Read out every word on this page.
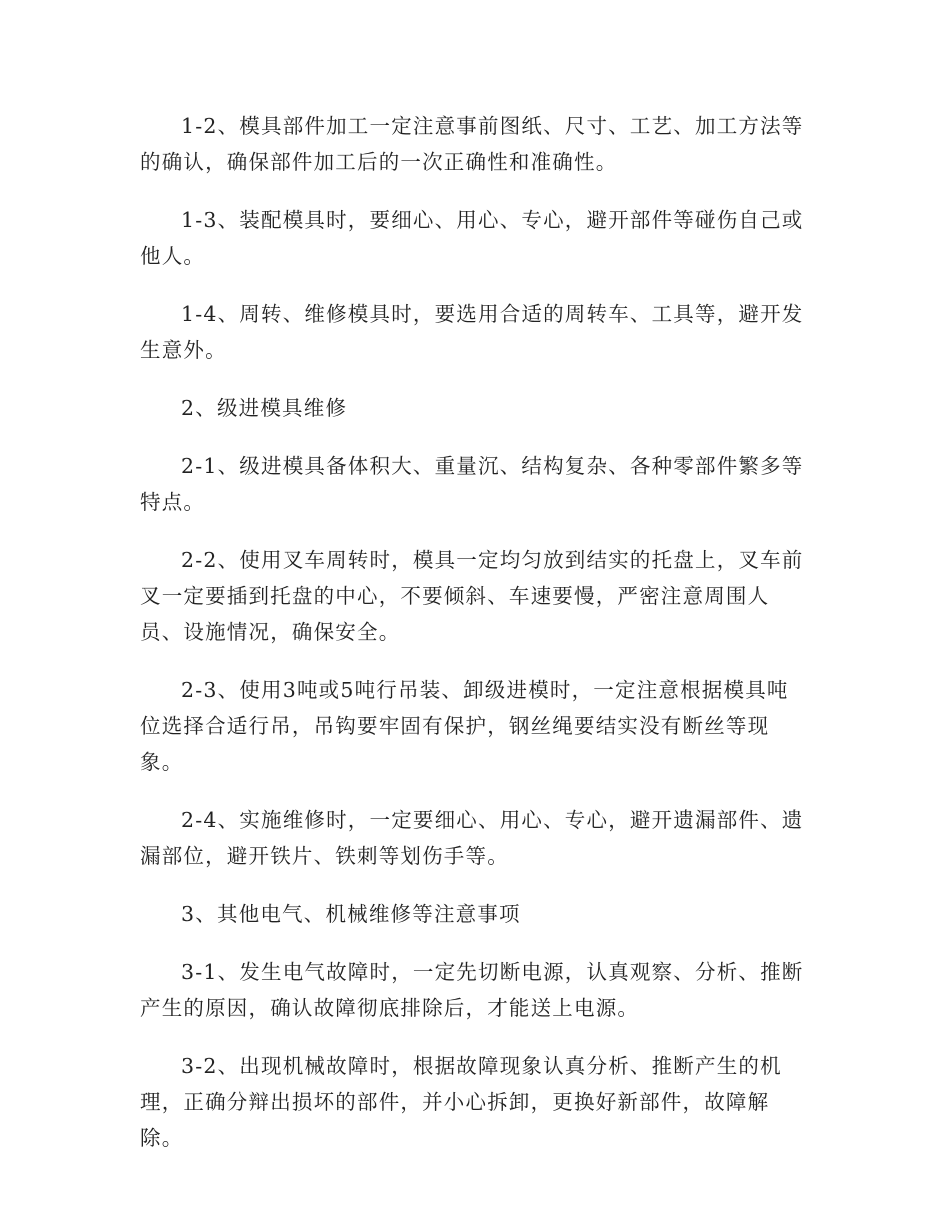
1-2、模具部件加工一定注意事前图纸、尺寸、工艺、加工方法等
的确认，确保部件加工后的一次正确性和准确性。

1-3、装配模具时，要细心、用心、专心，避开部件等碰伤自己或
他人。

1-4、周转、维修模具时，要选用合适的周转车、工具等，避开发
生意外。

2、级进模具维修

2-1、级进模具备体积大、重量沉、结构复杂、各种零部件繁多等
特点。

2-2、使用叉车周转时，模具一定均匀放到结实的托盘上，叉车前
叉一定要插到托盘的中心，不要倾斜、车速要慢，严密注意周围人
员、设施情况，确保安全。

2-3、使用3吨或5吨行吊装、卸级进模时，一定注意根据模具吨
位选择合适行吊，吊钩要牢固有保护，钢丝绳要结实没有断丝等现
象。

2-4、实施维修时，一定要细心、用心、专心，避开遗漏部件、遗
漏部位，避开铁片、铁刺等划伤手等。

3、其他电气、机械维修等注意事项

3-1、发生电气故障时，一定先切断电源，认真观察、分析、推断
产生的原因，确认故障彻底排除后，才能送上电源。

3-2、出现机械故障时，根据故障现象认真分析、推断产生的机
理，正确分辩出损坏的部件，并小心拆卸，更换好新部件，故障解
除。
